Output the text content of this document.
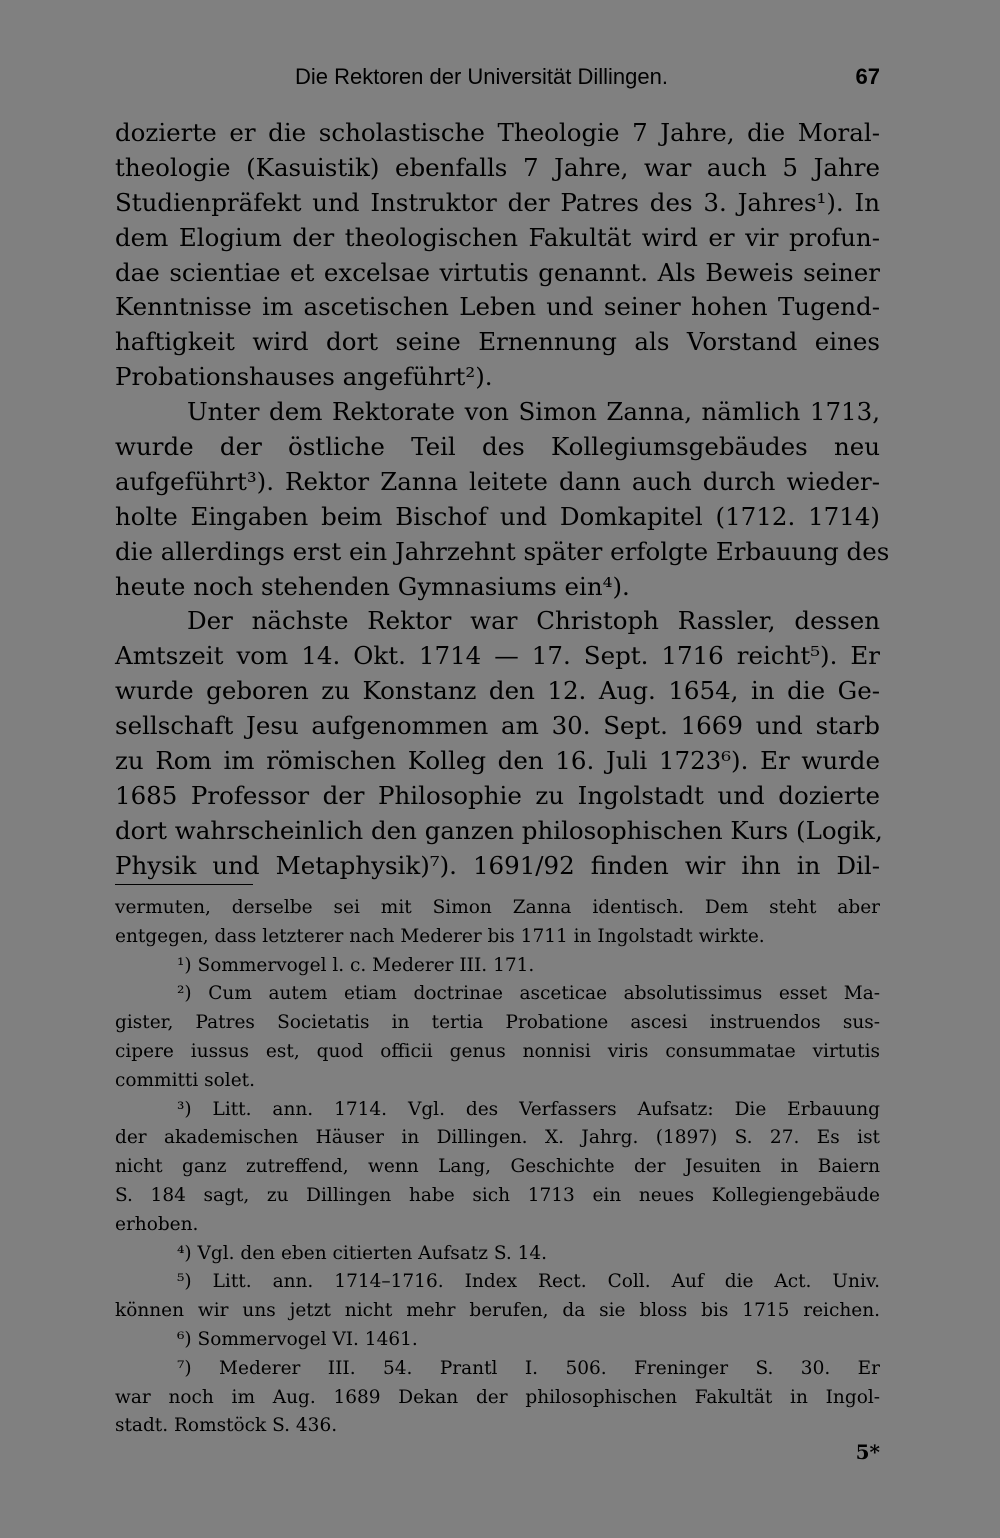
Die Rektoren der Universität Dillingen.	67
dozierte er die scholastische Theologie 7 Jahre, die Moral-
theologie (Kasuistik) ebenfalls 7 Jahre, war auch 5 Jahre
Studienpräfekt und Instruktor der Patres des 3. Jahres¹). In
dem Elogium der theologischen Fakultät wird er vir profun-
dae scientiae et excelsae virtutis genannt. Als Beweis seiner
Kenntnisse im ascetischen Leben und seiner hohen Tugend-
haftigkeit wird dort seine Ernennung als Vorstand eines
Probationshauses angeführt²).
Unter dem Rektorate von Simon Zanna, nämlich 1713,
wurde der östliche Teil des Kollegiumsgebäudes neu
aufgeführt³). Rektor Zanna leitete dann auch durch wieder-
holte Eingaben beim Bischof und Domkapitel (1712. 1714)
die allerdings erst ein Jahrzehnt später erfolgte Erbauung des
heute noch stehenden Gymnasiums ein⁴).
Der nächste Rektor war Christoph Rassler, dessen
Amtszeit vom 14. Okt. 1714 — 17. Sept. 1716 reicht⁵). Er
wurde geboren zu Konstanz den 12. Aug. 1654, in die Ge-
sellschaft Jesu aufgenommen am 30. Sept. 1669 und starb
zu Rom im römischen Kolleg den 16. Juli 1723⁶). Er wurde
1685 Professor der Philosophie zu Ingolstadt und dozierte
dort wahrscheinlich den ganzen philosophischen Kurs (Logik,
Physik und Metaphysik)⁷). 1691/92 finden wir ihn in Dil-
vermuten, derselbe sei mit Simon Zanna identisch. Dem steht aber
entgegen, dass letzterer nach Mederer bis 1711 in Ingolstadt wirkte.
¹) Sommervogel l. c. Mederer III. 171.
²) Cum autem etiam doctrinae asceticae absolutissimus esset Ma-
gister, Patres Societatis in tertia Probatione ascesi instruendos sus-
cipere iussus est, quod officii genus nonnisi viris consummatae virtutis
committi solet.
³) Litt. ann. 1714. Vgl. des Verfassers Aufsatz: Die Erbauung
der akademischen Häuser in Dillingen. X. Jahrg. (1897) S. 27. Es ist
nicht ganz zutreffend, wenn Lang, Geschichte der Jesuiten in Baiern
S. 184 sagt, zu Dillingen habe sich 1713 ein neues Kollegiengebäude
erhoben.
⁴) Vgl. den eben citierten Aufsatz S. 14.
⁵) Litt. ann. 1714–1716. Index Rect. Coll. Auf die Act. Univ.
können wir uns jetzt nicht mehr berufen, da sie bloss bis 1715 reichen.
⁶) Sommervogel VI. 1461.
⁷) Mederer III. 54. Prantl I. 506. Freninger S. 30. Er
war noch im Aug. 1689 Dekan der philosophischen Fakultät in Ingol-
stadt. Romstöck S. 436.
5*
